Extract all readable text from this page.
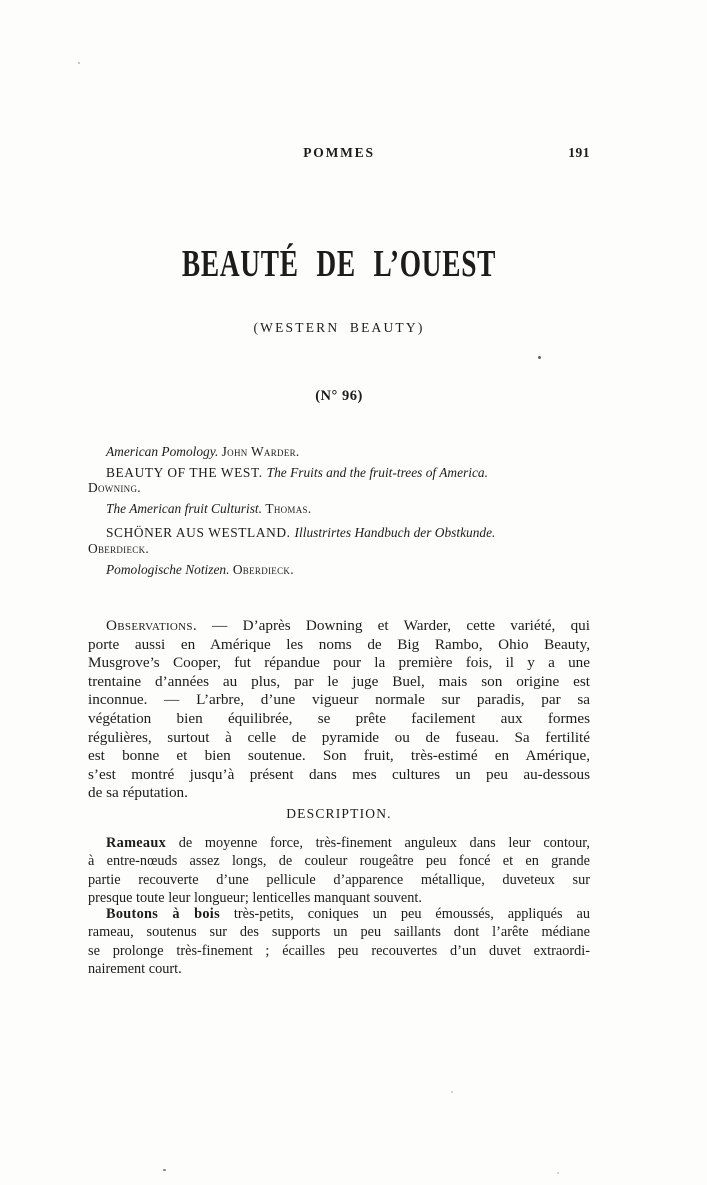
POMMES	191
BEAUTÉ DE L’OUEST
(WESTERN BEAUTY)
(N° 96)
American Pomology. John Warder.
BEAUTY OF THE WEST. The Fruits and the fruit-trees of America.
Downing.
The American fruit Culturist. Thomas.
SCHÖNER AUS WESTLAND. Illustrirtes Handbuch der Obstkunde.
Oberdieck.
Pomologische Notizen. Oberdieck.
Observations. — D’après Downing et Warder, cette variété, qui
porte aussi en Amérique les noms de Big Rambo, Ohio Beauty,
Musgrove’s Cooper, fut répandue pour la première fois, il y a une
trentaine d’années au plus, par le juge Buel, mais son origine est
inconnue. — L’arbre, d’une vigueur normale sur paradis, par sa
végétation bien équilibrée, se prête facilement aux formes
régulières, surtout à celle de pyramide ou de fuseau. Sa fertilité
est bonne et bien soutenue. Son fruit, très-estimé en Amérique,
s’est montré jusqu’à présent dans mes cultures un peu au-dessous
de sa réputation.
DESCRIPTION.
Rameaux de moyenne force, très-finement anguleux dans leur contour,
à entre-nœuds assez longs, de couleur rougeâtre peu foncé et en grande
partie recouverte d’une pellicule d’apparence métallique, duveteux sur
presque toute leur longueur; lenticelles manquant souvent.
Boutons à bois très-petits, coniques un peu émoussés, appliqués au
rameau, soutenus sur des supports un peu saillants dont l’arête médiane
se prolonge très-finement ; écailles peu recouvertes d’un duvet extraordi-
nairement court.
